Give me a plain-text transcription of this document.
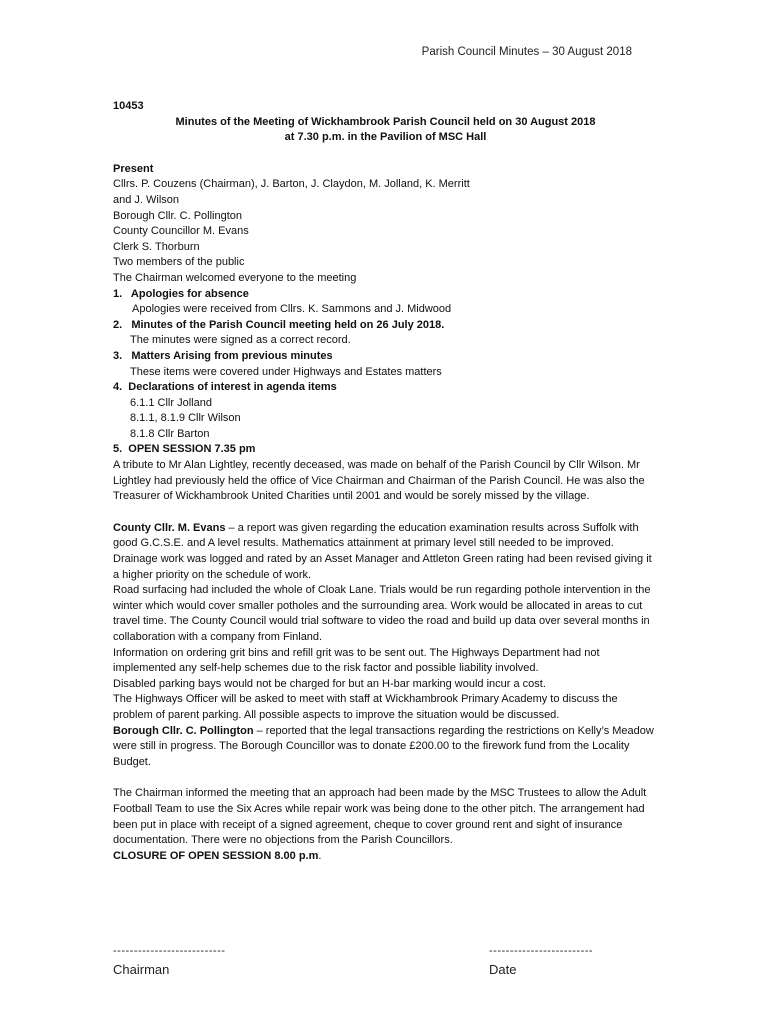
Parish Council Minutes – 30 August 2018
10453
Minutes of the Meeting of Wickhambrook Parish Council held on 30 August 2018
at 7.30 p.m. in the Pavilion of MSC Hall
Present
Cllrs. P. Couzens (Chairman), J. Barton, J. Claydon, M. Jolland, K. Merritt
and J. Wilson
Borough Cllr. C. Pollington
County Councillor M. Evans
Clerk S. Thorburn
Two members of the public
The Chairman welcomed everyone to the meeting
1.   Apologies for absence
Apologies were received from Cllrs. K. Sammons and J. Midwood
2.   Minutes of the Parish Council meeting held on 26 July 2018.
The minutes were signed as a correct record.
3.   Matters Arising from previous minutes
These items were covered under Highways and Estates matters
4.  Declarations of interest in agenda items
6.1.1 Cllr Jolland
8.1.1, 8.1.9 Cllr Wilson
8.1.8 Cllr Barton
5.  OPEN SESSION 7.35 pm

A tribute to Mr Alan Lightley, recently deceased, was made on behalf of the Parish Council by Cllr Wilson. Mr Lightley had previously held the office of Vice Chairman and Chairman of the Parish Council. He was also the Treasurer of Wickhambrook United Charities until 2001 and would be sorely missed by the village.

County Cllr. M. Evans – a report was given regarding the education examination results across Suffolk with good G.C.S.E. and A level results. Mathematics attainment at primary level still needed to be improved.

Drainage work was logged and rated by an Asset Manager and Attleton Green rating had been revised giving it a higher priority on the schedule of work.

Road surfacing had included the whole of Cloak Lane. Trials would be run regarding pothole intervention in the winter which would cover smaller potholes and the surrounding area. Work would be allocated in areas to cut travel time. The County Council would trial software to video the road and build up data over several months in collaboration with a company from Finland.

Information on ordering grit bins and refill grit was to be sent out. The Highways Department had not implemented any self-help schemes due to the risk factor and possible liability involved.

Disabled parking bays would not be charged for but an H-bar marking would incur a cost.

The Highways Officer will be asked to meet with staff at Wickhambrook Primary Academy to discuss the problem of parent parking. All possible aspects to improve the situation would be discussed.

Borough Cllr. C. Pollington – reported that the legal transactions regarding the restrictions on Kelly’s Meadow were still in progress. The Borough Councillor was to donate £200.00 to the firework fund from the Locality Budget.

The Chairman informed the meeting that an approach had been made by the MSC Trustees to allow the Adult Football Team to use the Six Acres while repair work was being done to the other pitch. The arrangement had been put in place with receipt of a signed agreement, cheque to cover ground rent and sight of insurance documentation. There were no objections from the Parish Councillors.

CLOSURE OF OPEN SESSION 8.00 p.m.

---------------------------
Chairman
-------------------------
Date
